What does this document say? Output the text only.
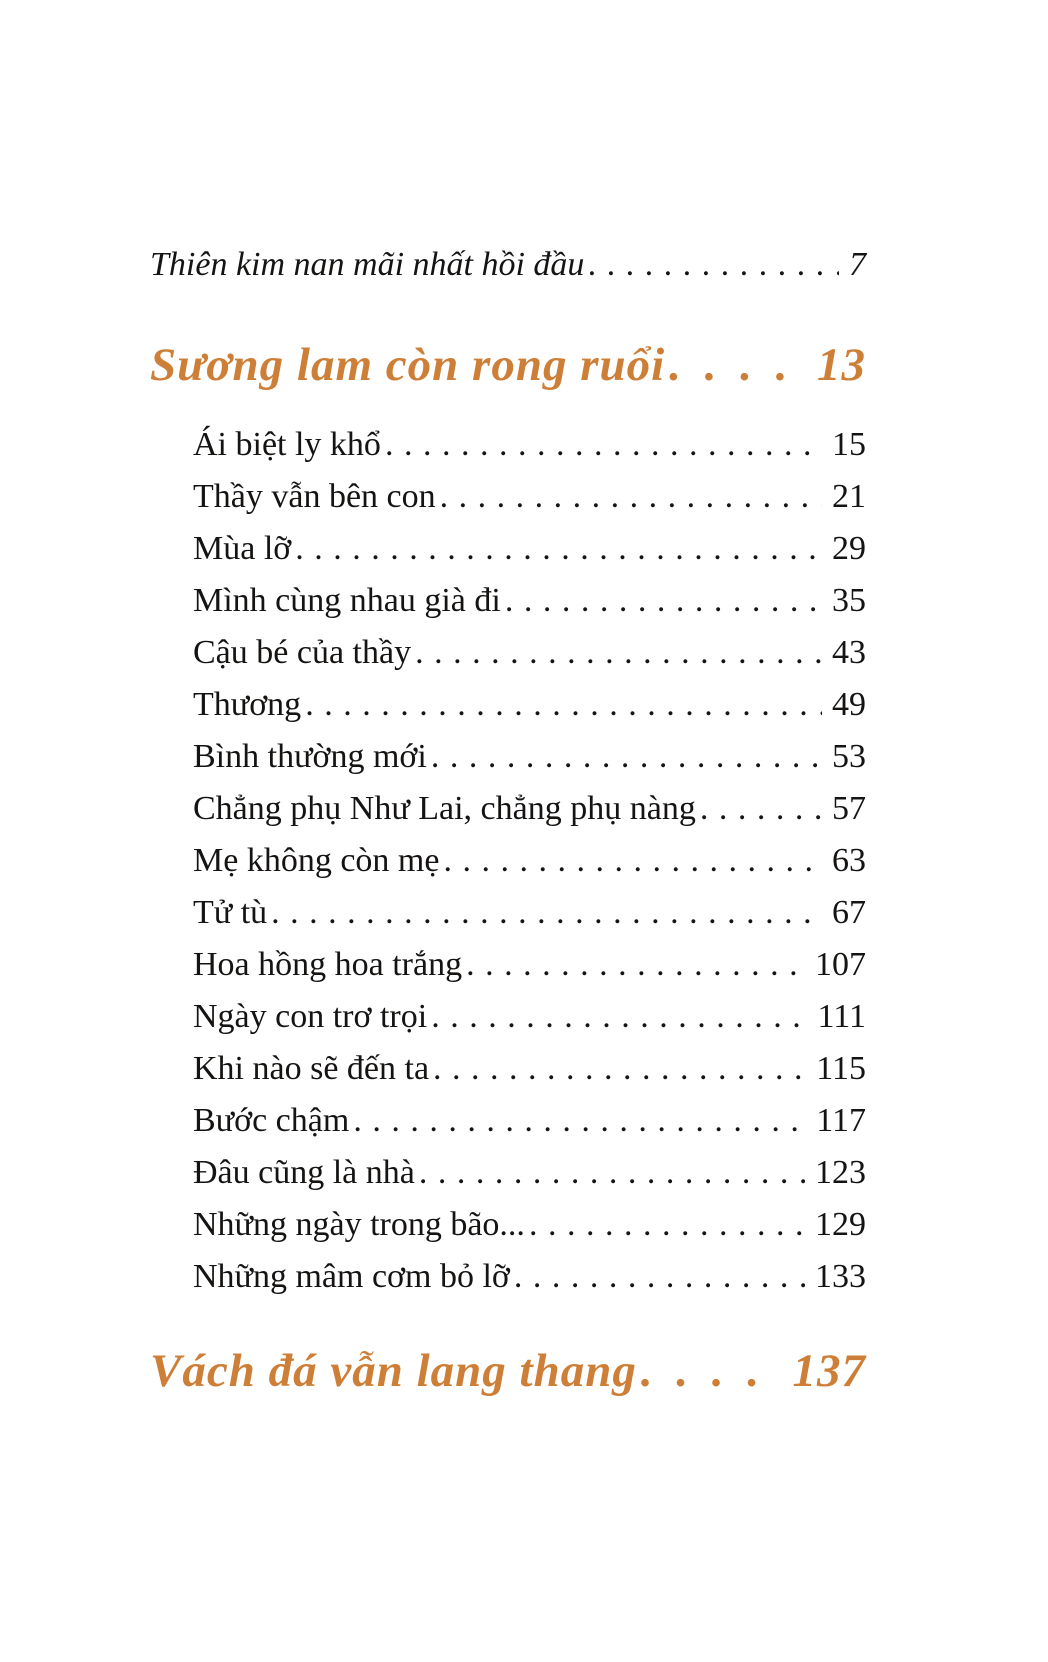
Thiên kim nan mãi nhất hồi đầu . . .	7
Sương lam còn rong ruổi . .	13
Ái biệt ly khổ . . .	15
Thầy vẫn bên con . . .	21
Mùa lỡ . . .	29
Mình cùng nhau già đi . . .	35
Cậu bé của thầy . . .	43
Thương . . .	49
Bình thường mới . . .	53
Chẳng phụ Như Lai, chẳng phụ nàng . . .	57
Mẹ không còn mẹ . . .	63
Tử tù . . .	67
Hoa hồng hoa trắng . . .	107
Ngày con trơ trọi . . .	111
Khi nào sẽ đến ta . . .	115
Bước chậm . . .	117
Đâu cũng là nhà . . .	123
Những ngày trong bão... . . .	129
Những mâm cơm bỏ lỡ . . .	133
Vách đá vẫn lang thang . .	137
